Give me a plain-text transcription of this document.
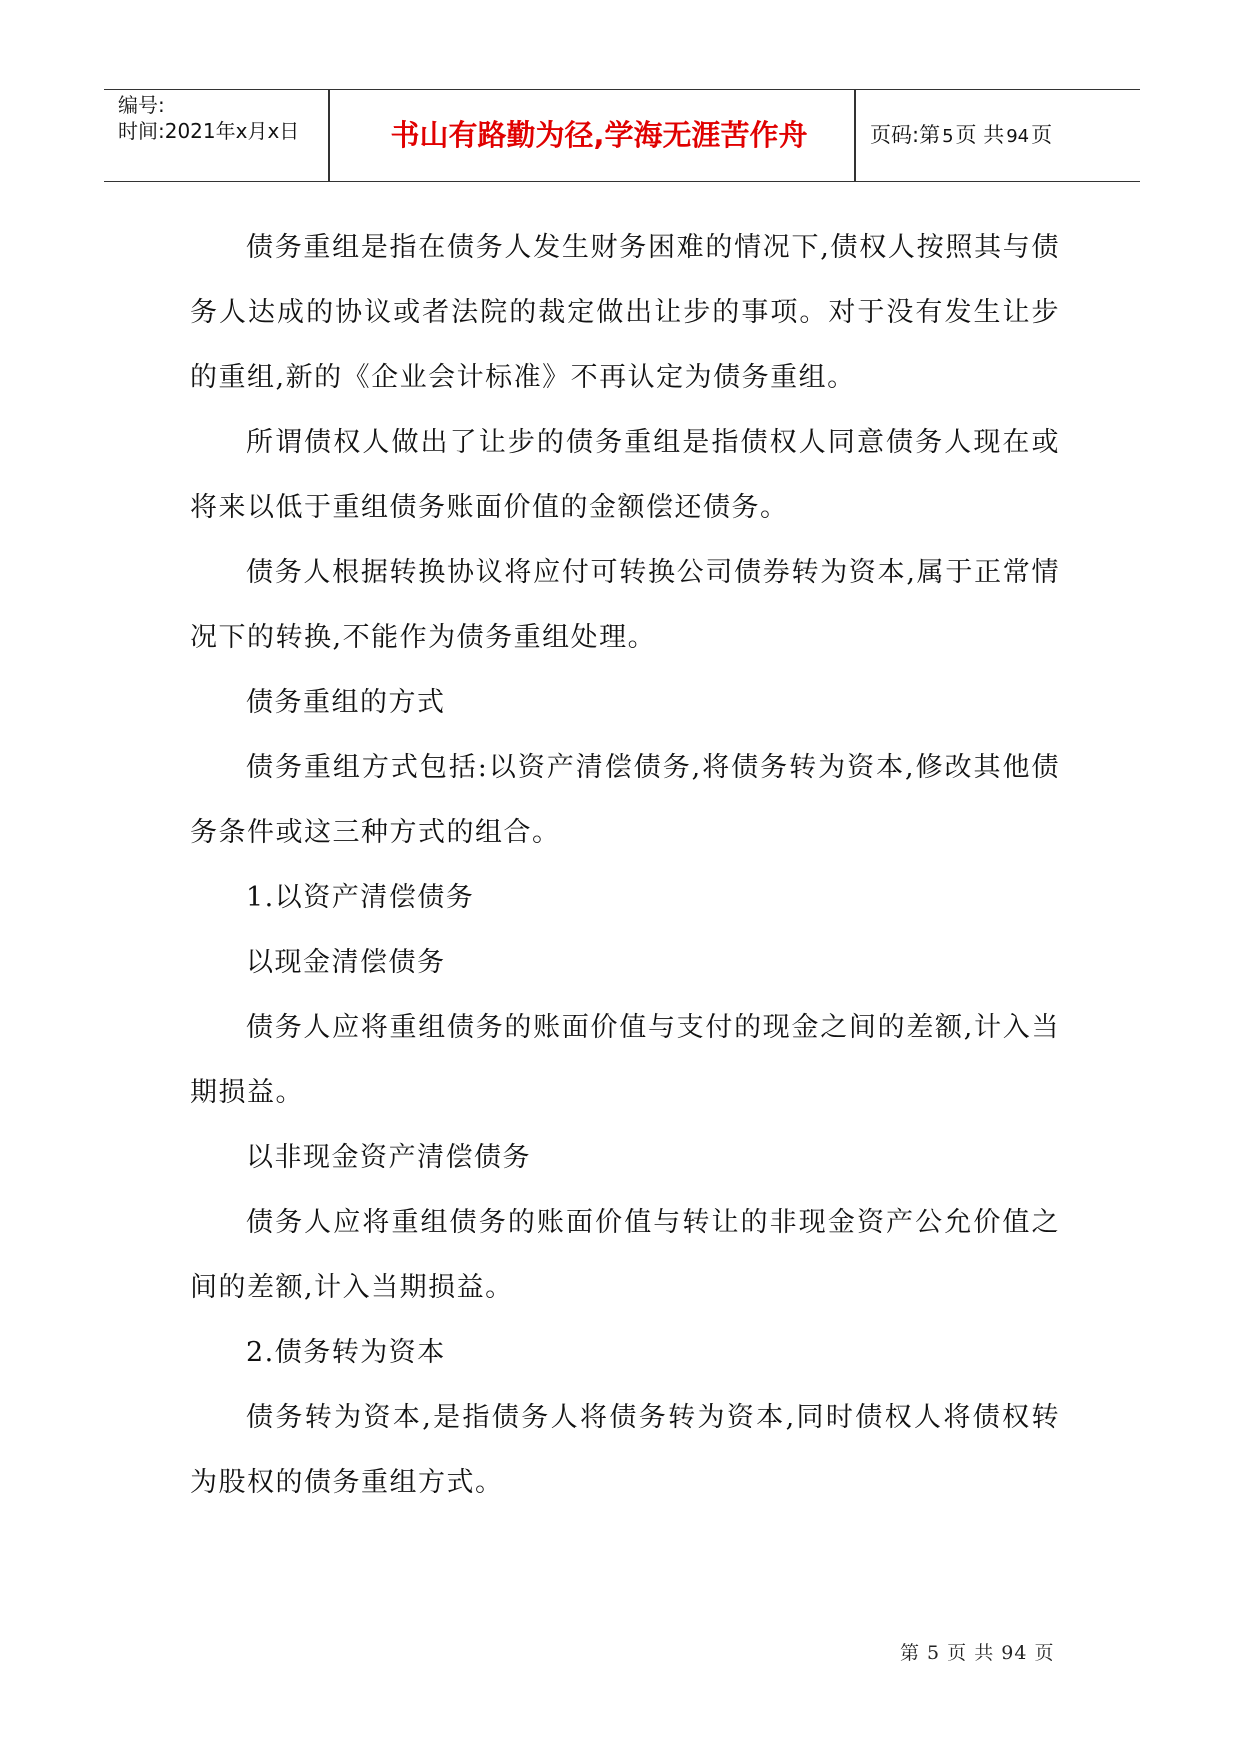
编号:
时间:2021年x月x日	书山有路勤为径,学海无涯苦作舟	页码:第 5页 共 94页

债务重组是指在债务人发生财务困难的情况下,债权人按照其与债务人达成的协议或者法院的裁定做出让步的事项。对于没有发生让步的重组,新的《企业会计标准》不再认定为债务重组。

所谓债权人做出了让步的债务重组是指债权人同意债务人现在或将来以低于重组债务账面价值的金额偿还债务。

债务人根据转换协议将应付可转换公司债券转为资本,属于正常情况下的转换,不能作为债务重组处理。

债务重组的方式

债务重组方式包括:以资产清偿债务,将债务转为资本,修改其他债务条件或这三种方式的组合。

1.以资产清偿债务

以现金清偿债务

债务人应将重组债务的账面价值与支付的现金之间的差额,计入当期损益。

以非现金资产清偿债务

债务人应将重组债务的账面价值与转让的非现金资产公允价值之间的差额,计入当期损益。

2.债务转为资本

债务转为资本,是指债务人将债务转为资本,同时债权人将债权转为股权的债务重组方式。

第 5 页 共 94 页
